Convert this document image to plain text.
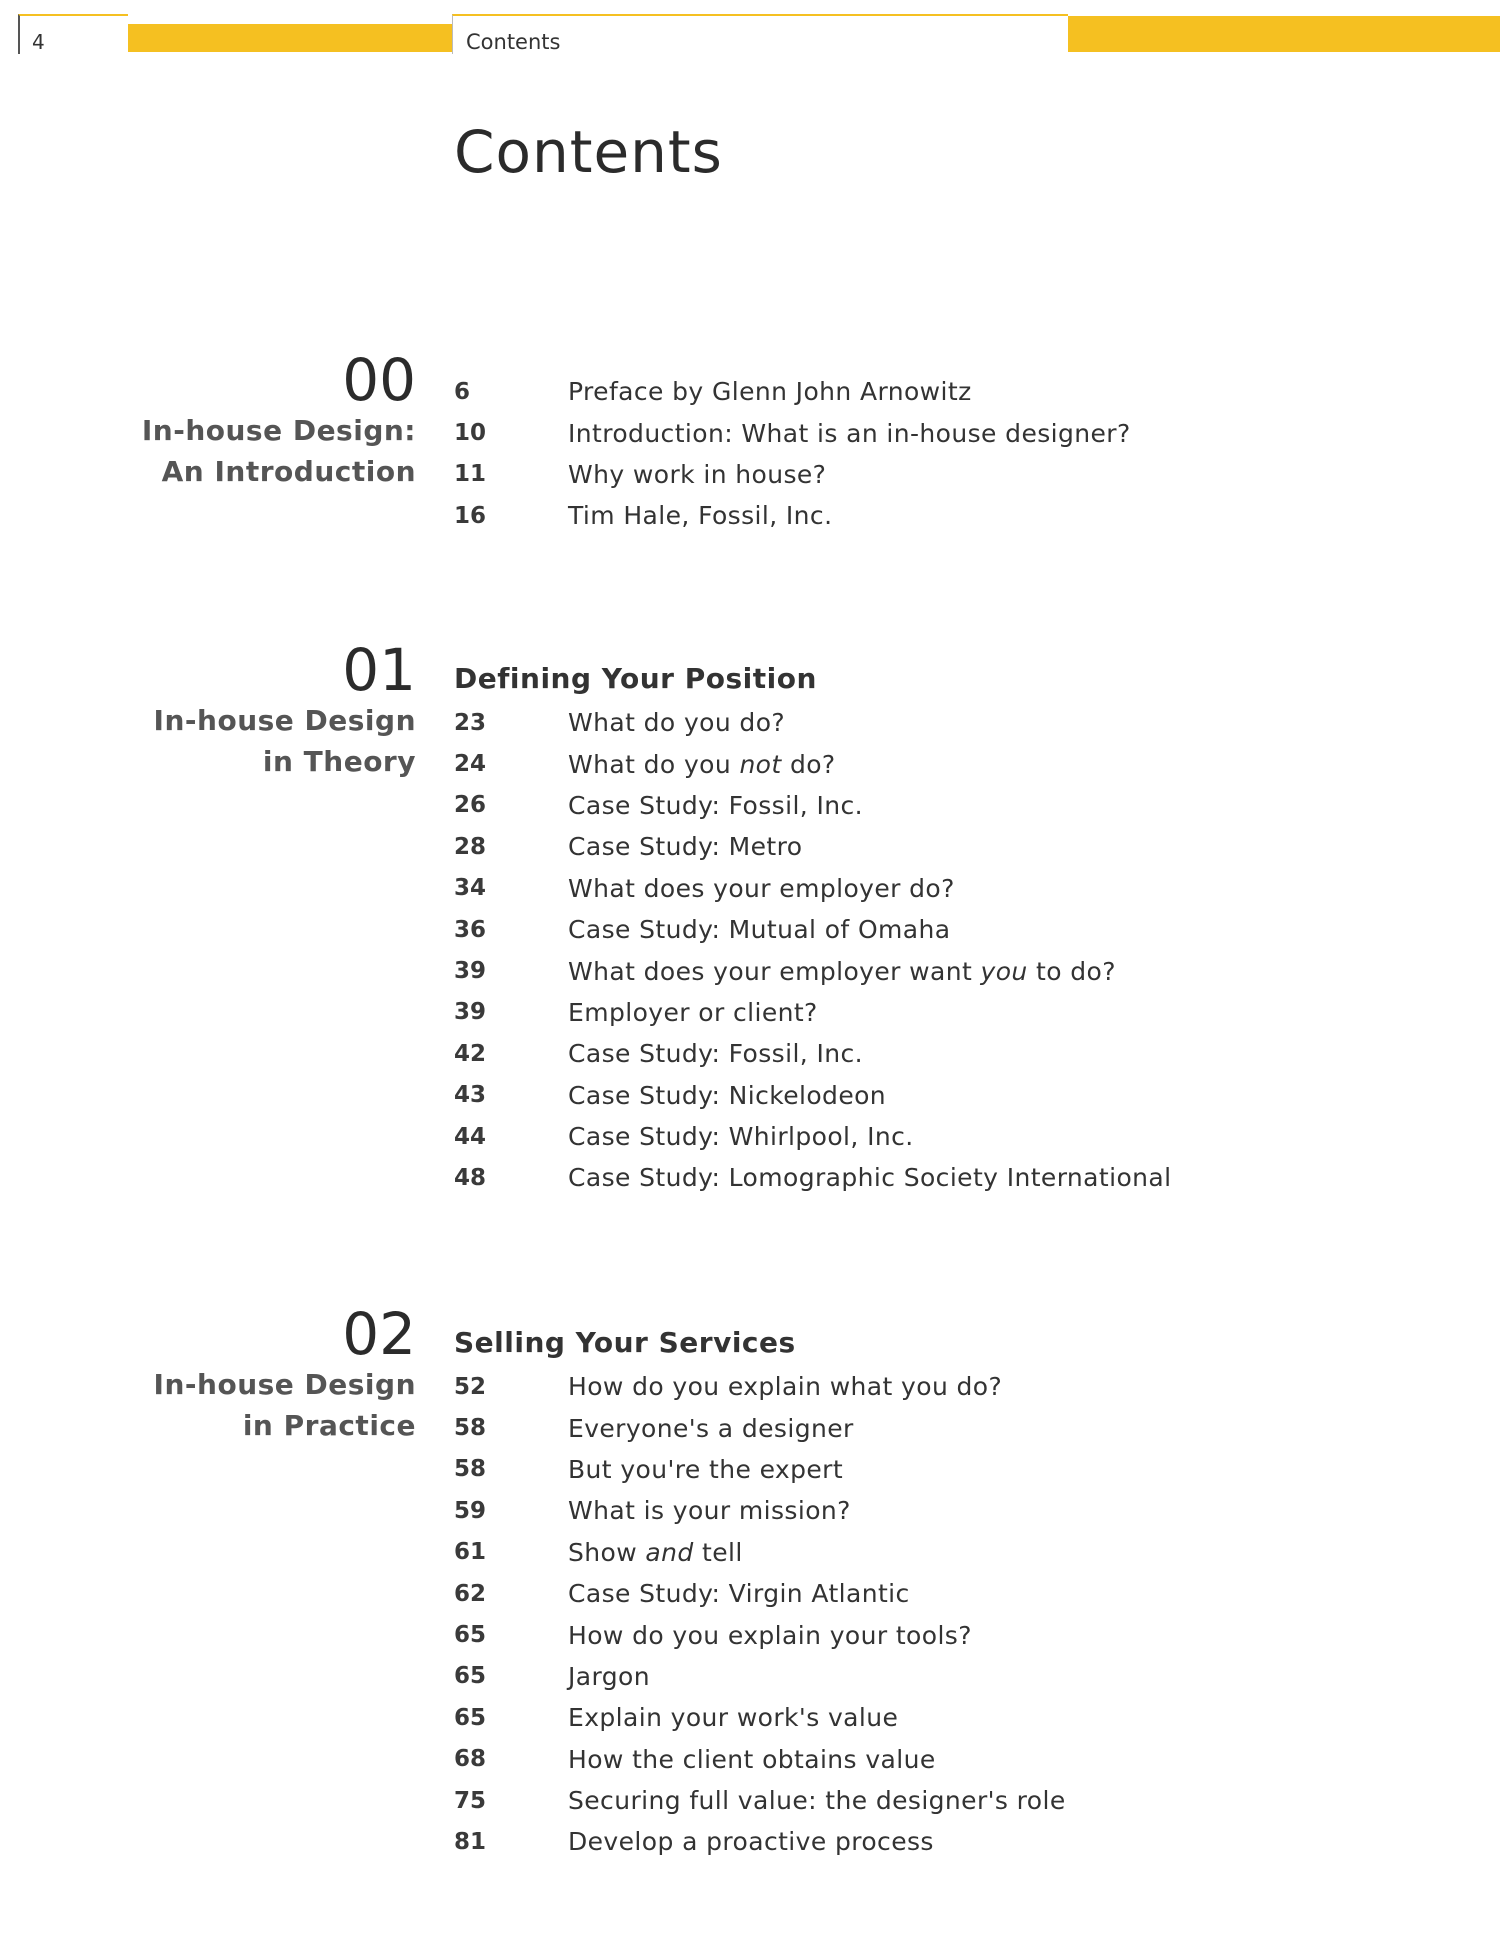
4	Contents
Contents
00
In-house Design:
An Introduction
6	Preface by Glenn John Arnowitz
10	Introduction: What is an in-house designer?
11	Why work in house?
16	Tim Hale, Fossil, Inc.
01
In-house Design
in Theory
Defining Your Position
23	What do you do?
24	What do you not do?
26	Case Study: Fossil, Inc.
28	Case Study: Metro
34	What does your employer do?
36	Case Study: Mutual of Omaha
39	What does your employer want you to do?
39	Employer or client?
42	Case Study: Fossil, Inc.
43	Case Study: Nickelodeon
44	Case Study: Whirlpool, Inc.
48	Case Study: Lomographic Society International
02
In-house Design
in Practice
Selling Your Services
52	How do you explain what you do?
58	Everyone's a designer
58	But you're the expert
59	What is your mission?
61	Show and tell
62	Case Study: Virgin Atlantic
65	How do you explain your tools?
65	Jargon
65	Explain your work's value
68	How the client obtains value
75	Securing full value: the designer's role
81	Develop a proactive process
